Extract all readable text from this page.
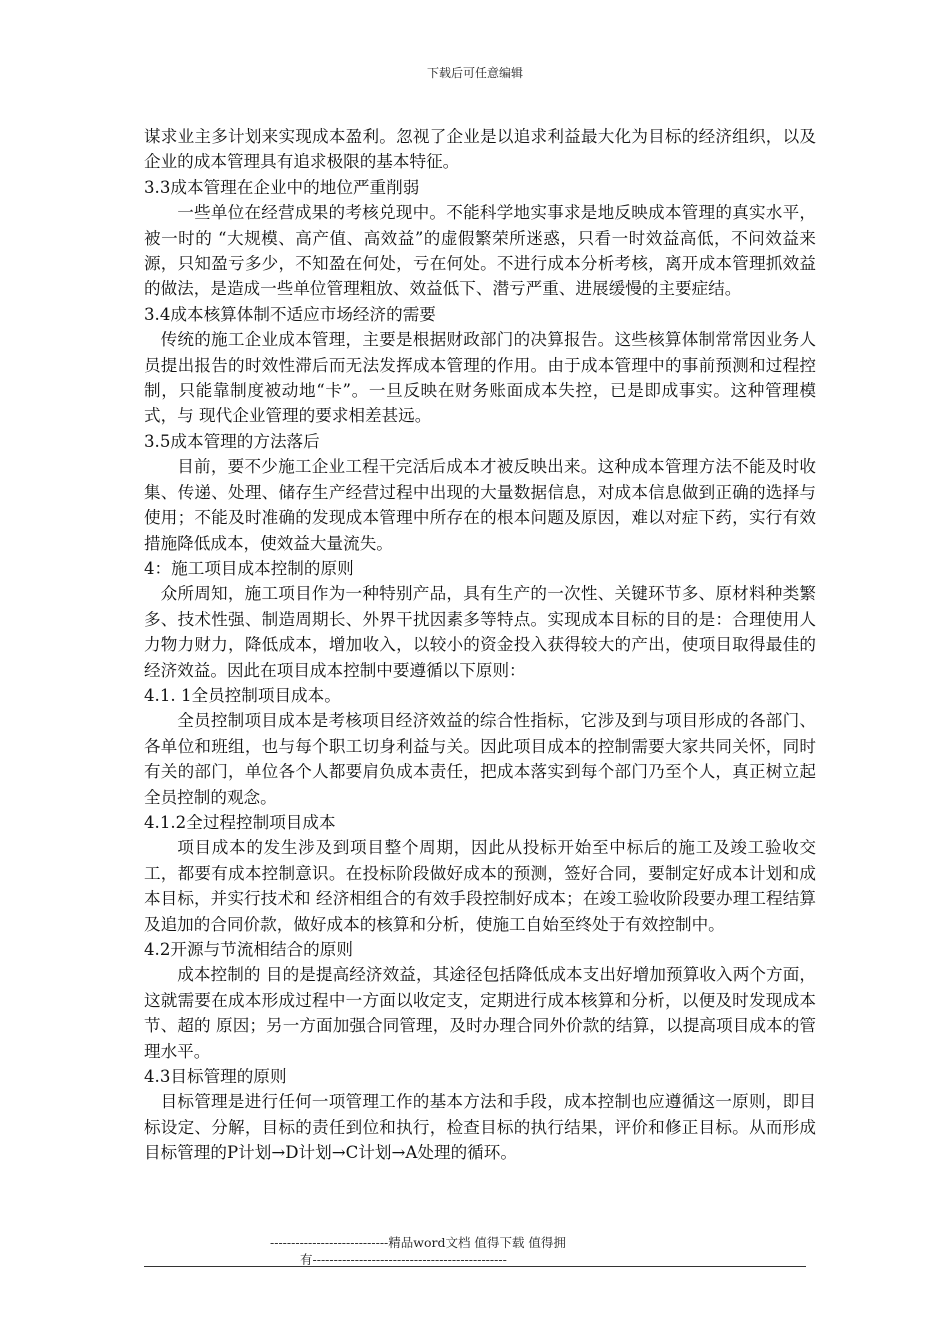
下载后可任意编辑

谋求业主多计划来实现成本盈利。忽视了企业是以追求利益最大化为目标的经济组织，以及企业的成本管理具有追求极限的基本特征。

3.3成本管理在企业中的地位严重削弱

一些单位在经营成果的考核兑现中。不能科学地实事求是地反映成本管理的真实水平，被一时的 “大规模、高产值、高效益”的虚假繁荣所迷惑，只看一时效益高低，不问效益来源，只知盈亏多少，不知盈在何处，亏在何处。不进行成本分析考核，离开成本管理抓效益的做法，是造成一些单位管理粗放、效益低下、潜亏严重、进展缓慢的主要症结。

3.4成本核算体制不适应市场经济的需要

传统的施工企业成本管理，主要是根据财政部门的决算报告。这些核算体制常常因业务人员提出报告的时效性滞后而无法发挥成本管理的作用。由于成本管理中的事前预测和过程控制，只能靠制度被动地“卡”。一旦反映在财务账面成本失控，已是即成事实。这种管理模式，与 现代企业管理的要求相差甚远。

3.5成本管理的方法落后

目前，要不少施工企业工程干完活后成本才被反映出来。这种成本管理方法不能及时收集、传递、处理、储存生产经营过程中出现的大量数据信息，对成本信息做到正确的选择与使用；不能及时准确的发现成本管理中所存在的根本问题及原因，难以对症下药，实行有效措施降低成本，使效益大量流失。

4：施工项目成本控制的原则

众所周知，施工项目作为一种特别产品，具有生产的一次性、关键环节多、原材料种类繁多、技术性强、制造周期长、外界干扰因素多等特点。实现成本目标的目的是：合理使用人力物力财力，降低成本，增加收入，以较小的资金投入获得较大的产出，使项目取得最佳的 经济效益。因此在项目成本控制中要遵循以下原则：

4.1. 1全员控制项目成本。

全员控制项目成本是考核项目经济效益的综合性指标，它涉及到与项目形成的各部门、各单位和班组，也与每个职工切身利益与关。因此项目成本的控制需要大家共同关怀，同时有关的部门，单位各个人都要肩负成本责任，把成本落实到每个部门乃至个人，真正树立起全员控制的观念。

4.1.2全过程控制项目成本

项目成本的发生涉及到项目整个周期，因此从投标开始至中标后的施工及竣工验收交工，都要有成本控制意识。在投标阶段做好成本的预测，签好合同，要制定好成本计划和成本目标，并实行技术和 经济相组合的有效手段控制好成本；在竣工验收阶段要办理工程结算及追加的合同价款，做好成本的核算和分析，使施工自始至终处于有效控制中。

4.2开源与节流相结合的原则

成本控制的 目的是提高经济效益，其途径包括降低成本支出好增加预算收入两个方面，这就需要在成本形成过程中一方面以收定支，定期进行成本核算和分析，以便及时发现成本节、超的 原因；另一方面加强合同管理，及时办理合同外价款的结算，以提高项目成本的管理水平。

4.3目标管理的原则

目标管理是进行任何一项管理工作的基本方法和手段，成本控制也应遵循这一原则，即目标设定、分解，目标的责任到位和执行，检查目标的执行结果，评价和修正目标。从而形成目标管理的P计划→D计划→C计划→A处理的循环。

----------------------------精品word文档 值得下载 值得拥
有----------------------------------------------
